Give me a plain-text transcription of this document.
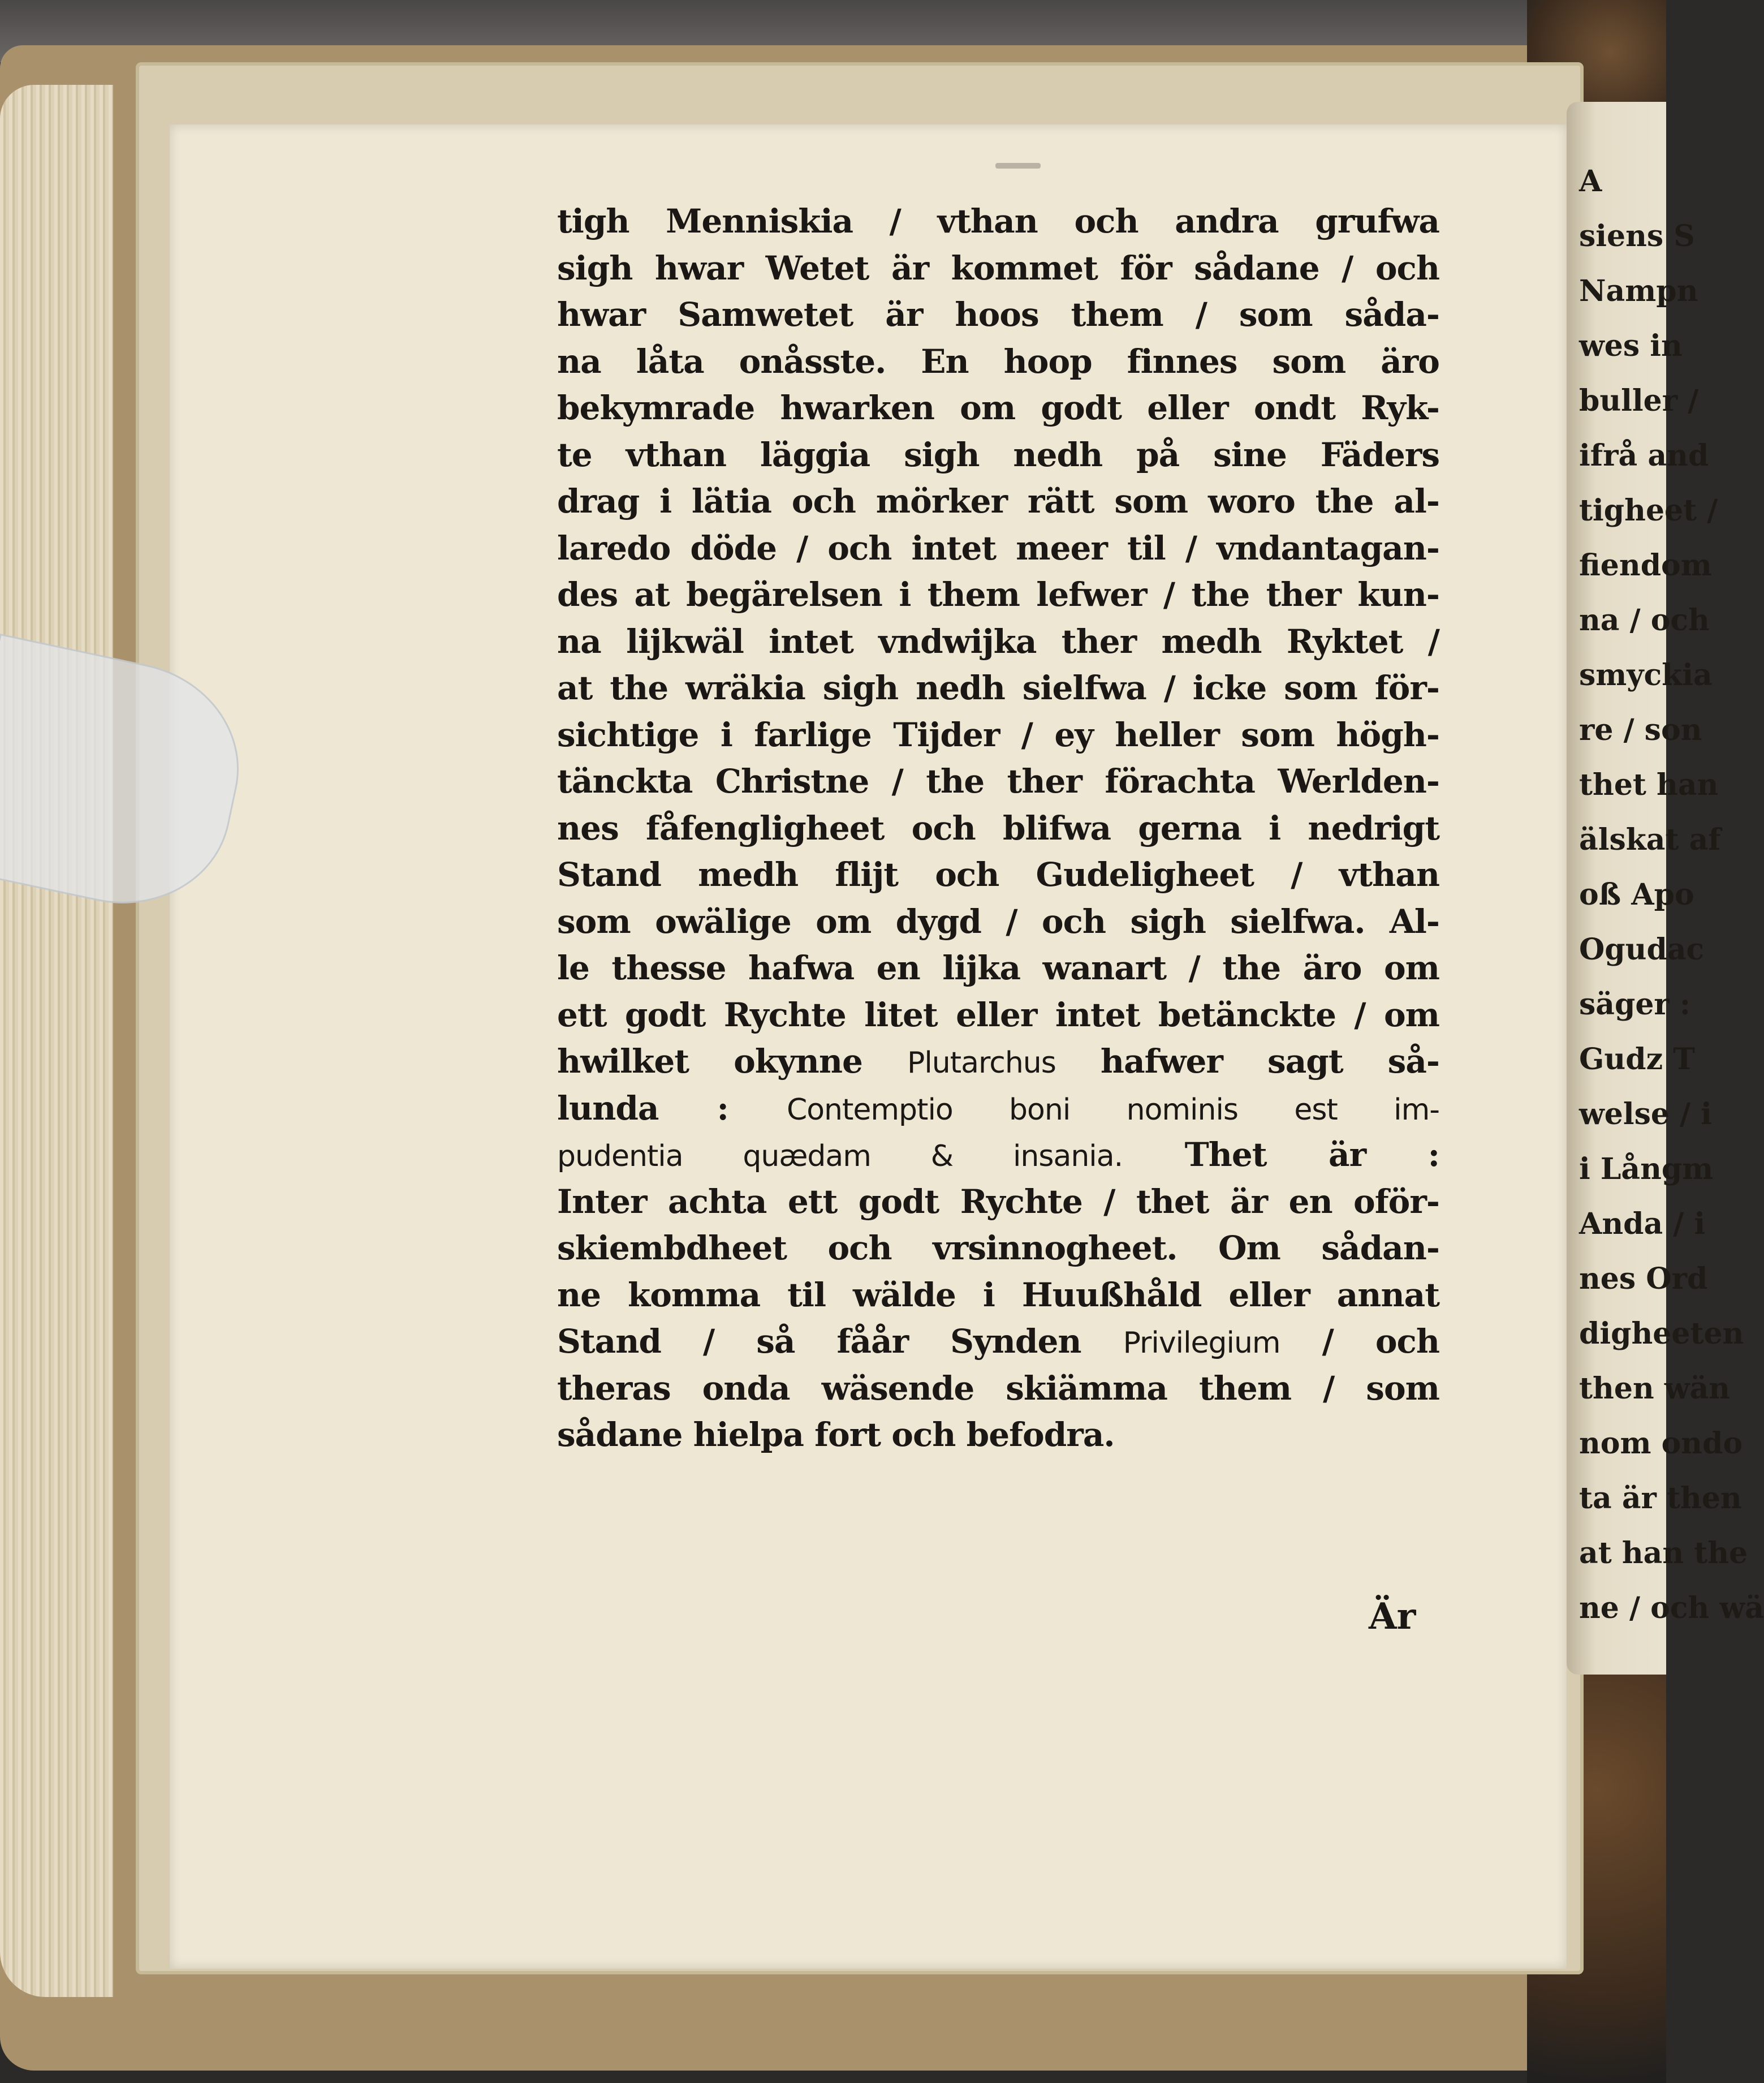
tigh Menniskia / vthan och andra grufwa
sigh hwar Wetet är kommet för sådane / och
hwar Samwetet är hoos them / som såda-
na låta onåsste. En hoop finnes som äro
bekymrade hwarken om godt eller ondt Ryk-
te vthan läggia sigh nedh på sine Fäders
drag i lätia och mörker rätt som woro the al-
laredo döde / och intet meer til / vndantagan-
des at begärelsen i them lefwer / the ther kun-
na lijkwäl intet vndwijka ther medh Ryktet /
at the wräkia sigh nedh sielfwa / icke som för-
sichtige i farlige Tijder / ey heller som högh-
tänckta Christne / the ther förachta Werlden-
nes fåfengligheet och blifwa gerna i nedrigt
Stand medh flijt och Gudeligheet / vthan
som owälige om dygd / och sigh sielfwa. Al-
le thesse hafwa en lijka wanart / the äro om
ett godt Rychte litet eller intet betänckte / om
hwilket okynne Plutarchus hafwer sagt så-
lunda : Contemptio boni nominis est im-
pudentia quædam & insania. Thet är :
Inter achta ett godt Rychte / thet är en oför-
skiembdheet och vrsinnogheet. Om sådan-
ne komma til wälde i Huußhåld eller annat
Stand / så fåår Synden Privilegium / och
theras onda wäsende skiämma them / som
sådane hielpa fort och befodra.
Är
A
siens S
Nampn
wes in
buller /
ifrå and
tigheet /
fiendom
na / och
smyckia
re / son
thet han
älskat af
oß Apo
Ogudac
säger :
Gudz T
welse / i
i Långm
Anda / i
nes Ord
digheeten
then wän
nom ondo
ta är then
at han the
ne / och wä
